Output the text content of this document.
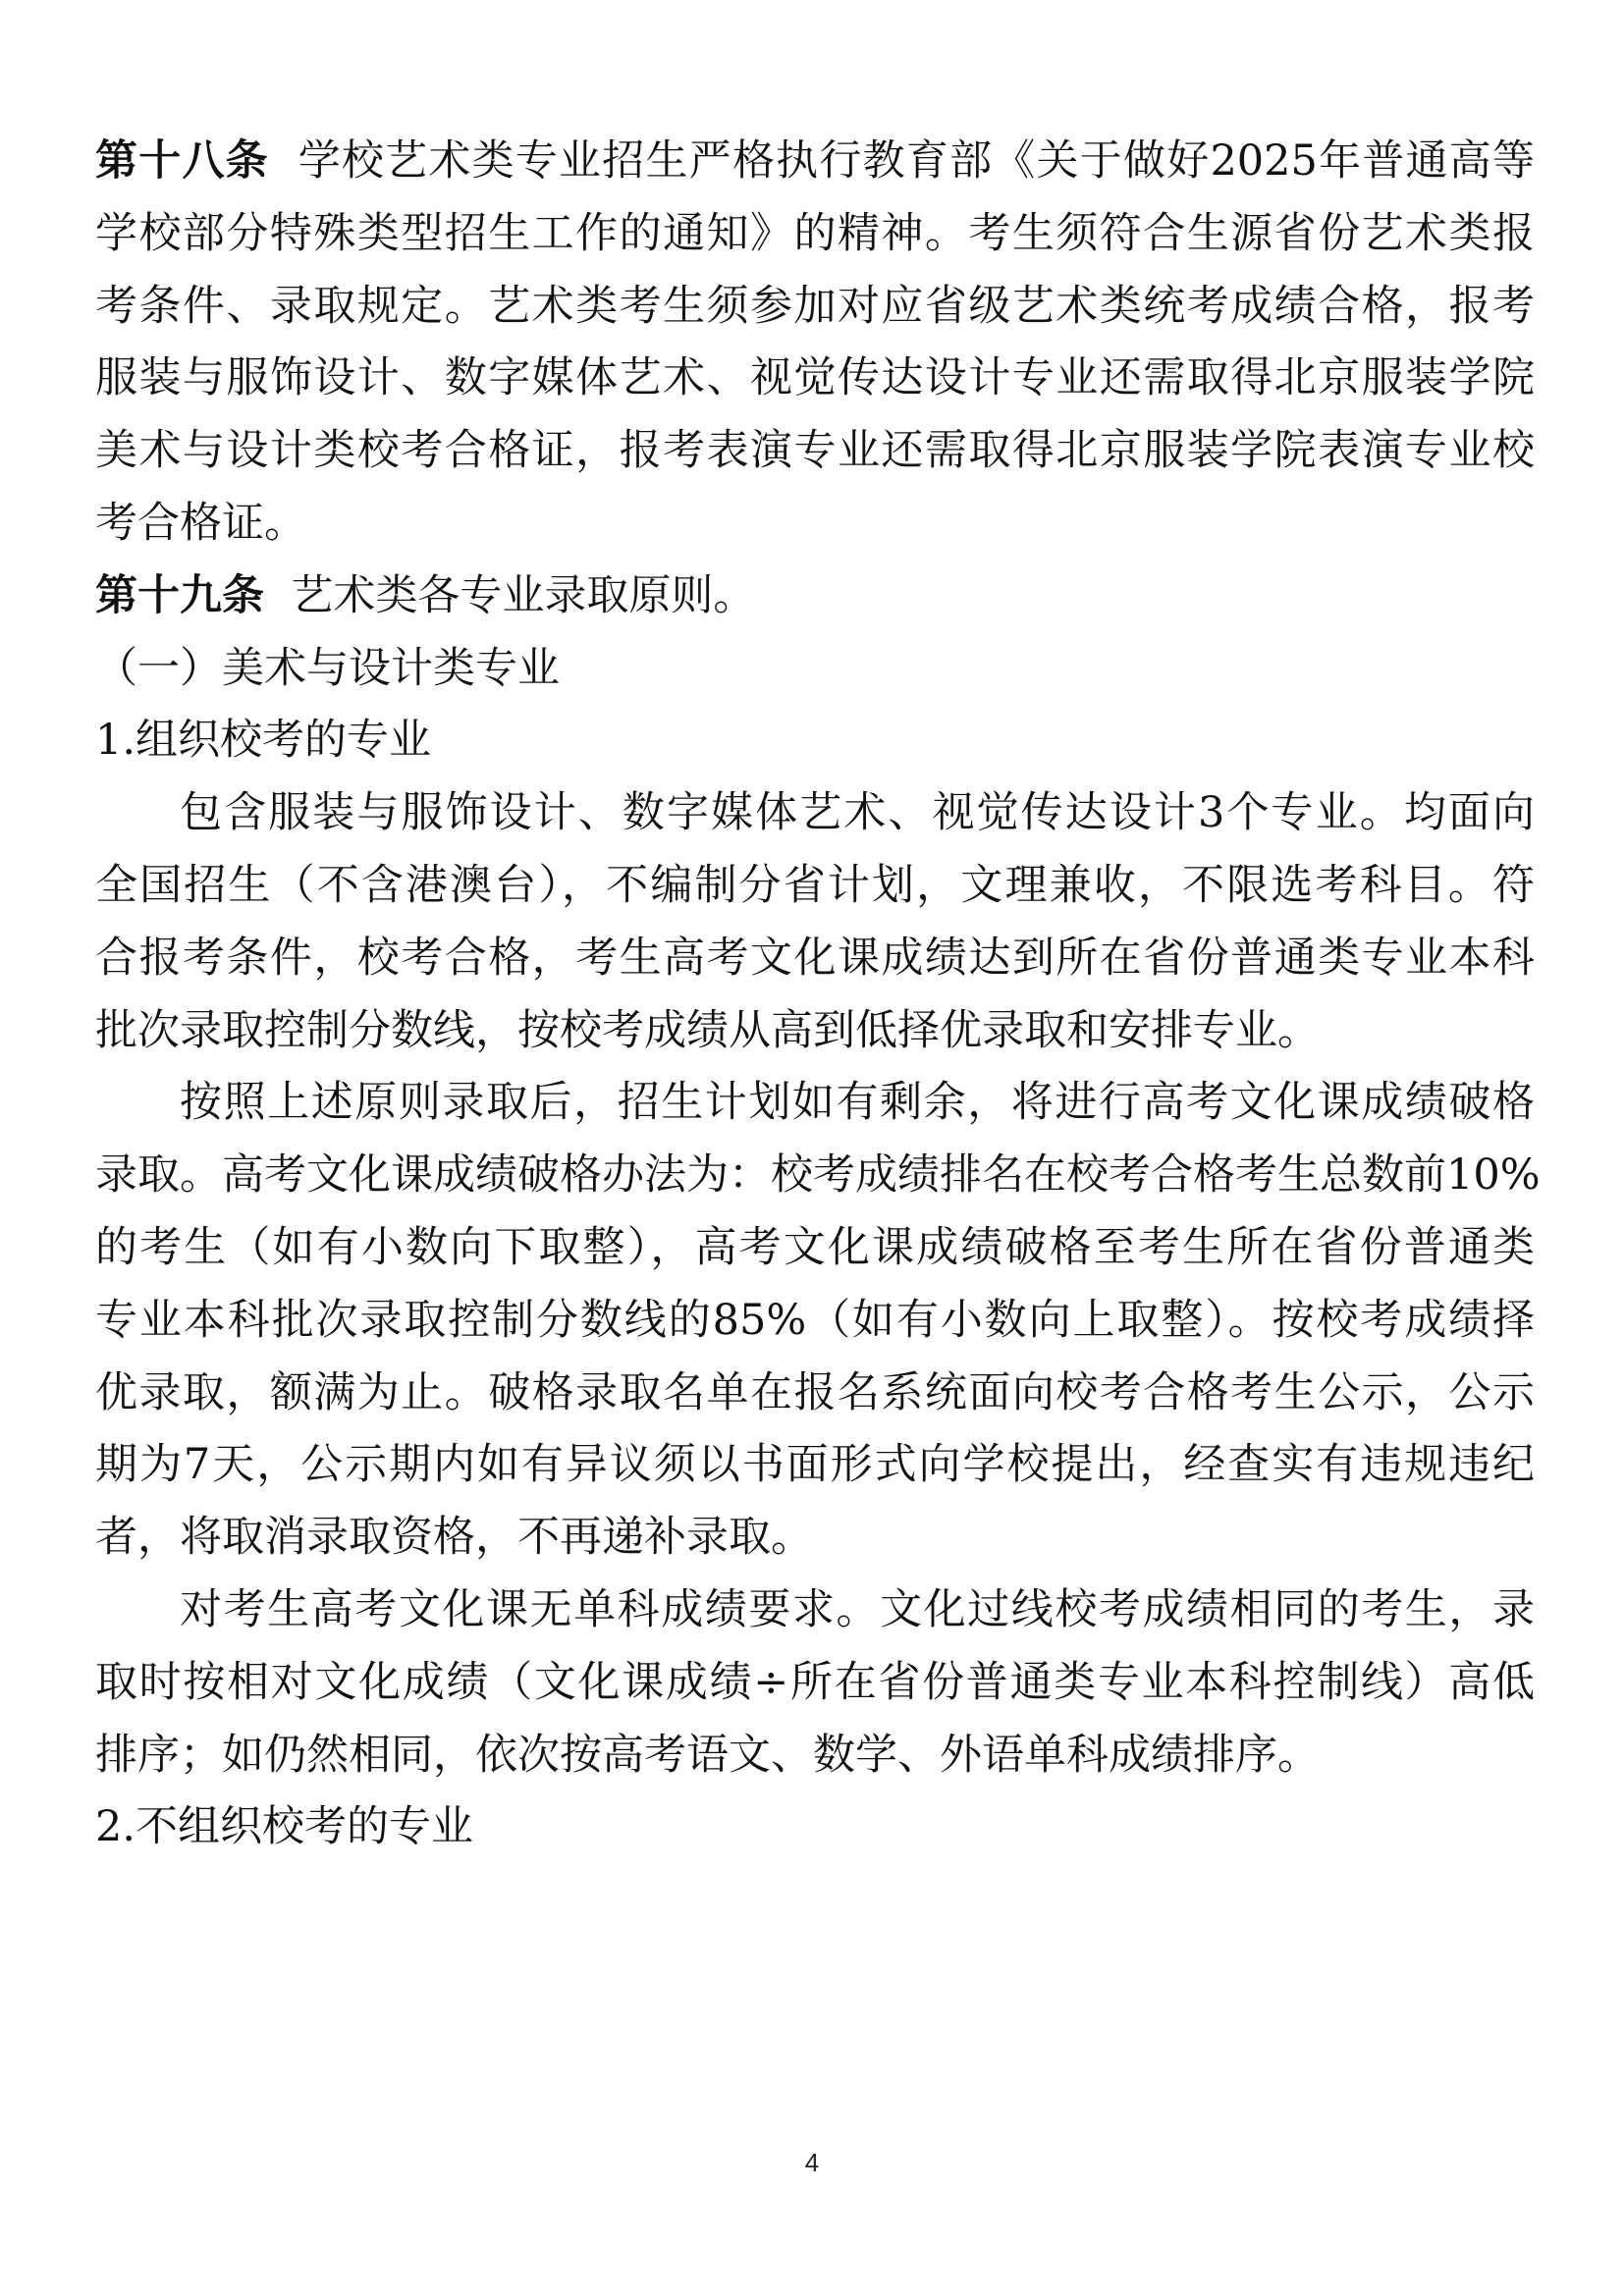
第十八条 学校艺术类专业招生严格执行教育部《关于做好2025年普通高等
学校部分特殊类型招生工作的通知》的精神。考生须符合生源省份艺术类报
考条件、录取规定。艺术类考生须参加对应省级艺术类统考成绩合格，报考
服装与服饰设计、数字媒体艺术、视觉传达设计专业还需取得北京服装学院
美术与设计类校考合格证，报考表演专业还需取得北京服装学院表演专业校
考合格证。
第十九条 艺术类各专业录取原则。
（一）美术与设计类专业
1.组织校考的专业
包含服装与服饰设计、数字媒体艺术、视觉传达设计3个专业。均面向
全国招生（不含港澳台），不编制分省计划，文理兼收，不限选考科目。符
合报考条件，校考合格，考生高考文化课成绩达到所在省份普通类专业本科
批次录取控制分数线，按校考成绩从高到低择优录取和安排专业。
按照上述原则录取后，招生计划如有剩余，将进行高考文化课成绩破格
录取。高考文化课成绩破格办法为：校考成绩排名在校考合格考生总数前10%
的考生（如有小数向下取整），高考文化课成绩破格至考生所在省份普通类
专业本科批次录取控制分数线的85%（如有小数向上取整）。按校考成绩择
优录取，额满为止。破格录取名单在报名系统面向校考合格考生公示，公示
期为7天，公示期内如有异议须以书面形式向学校提出，经查实有违规违纪
者，将取消录取资格，不再递补录取。
对考生高考文化课无单科成绩要求。文化过线校考成绩相同的考生，录
取时按相对文化成绩（文化课成绩÷所在省份普通类专业本科控制线）高低
排序；如仍然相同，依次按高考语文、数学、外语单科成绩排序。
2.不组织校考的专业
4
